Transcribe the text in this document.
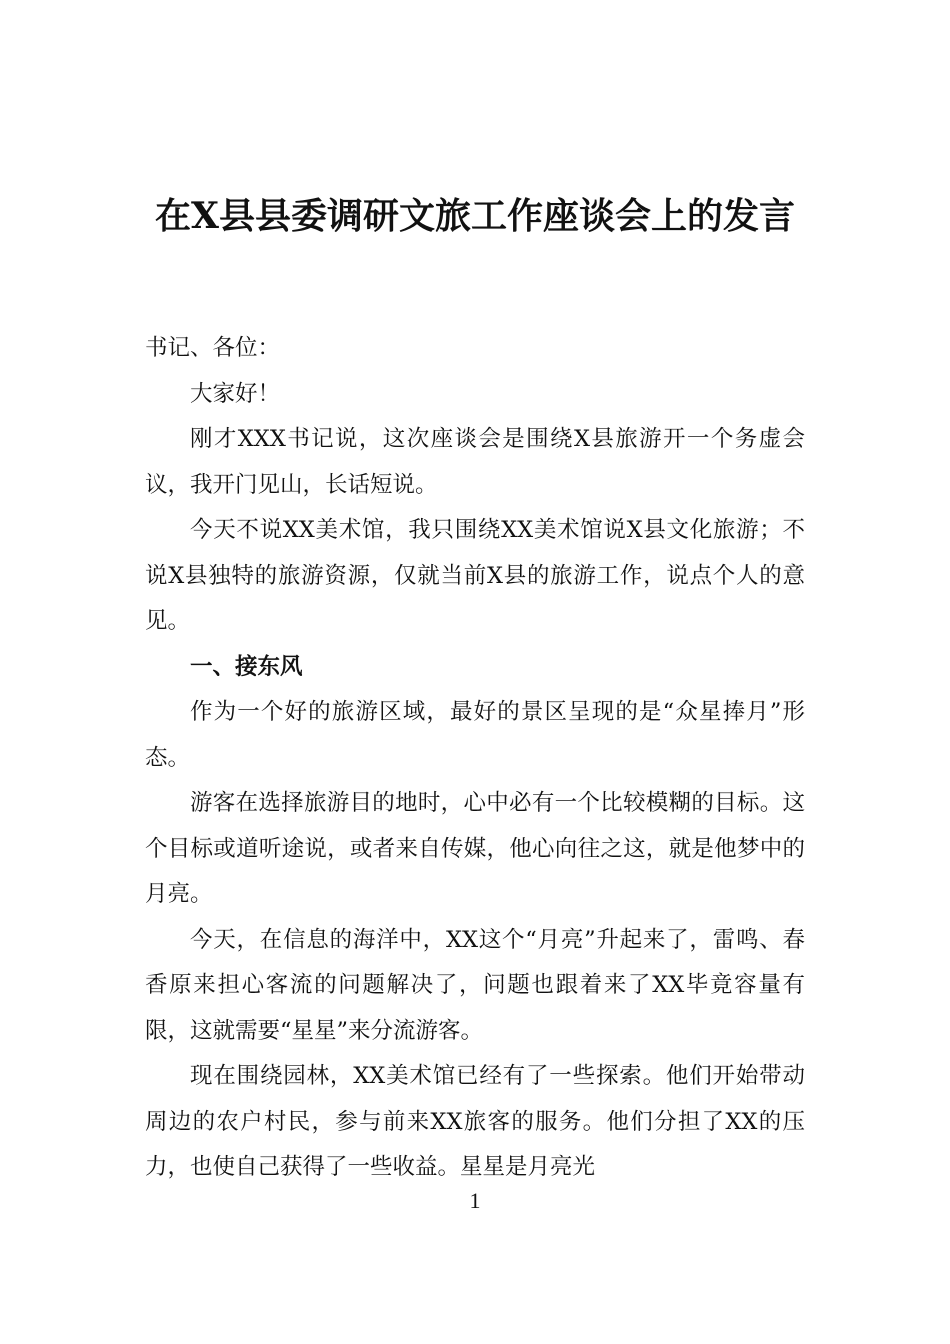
在X县县委调研文旅工作座谈会上的发言

书记、各位：

大家好！

刚才XXX书记说，这次座谈会是围绕X县旅游开一个务虚会议，我开门见山，长话短说。

今天不说XX美术馆，我只围绕XX美术馆说X县文化旅游；不说X县独特的旅游资源，仅就当前X县的旅游工作，说点个人的意见。

一、接东风

作为一个好的旅游区域，最好的景区呈现的是“众星捧月”形态。

游客在选择旅游目的地时，心中必有一个比较模糊的目标。这个目标或道听途说，或者来自传媒，他心向往之这，就是他梦中的月亮。

今天，在信息的海洋中，XX这个“月亮”升起来了，雷鸣、春香原来担心客流的问题解决了，问题也跟着来了XX毕竟容量有限，这就需要“星星”来分流游客。

现在围绕园林，XX美术馆已经有了一些探索。他们开始带动周边的农户村民，参与前来XX旅客的服务。他们分担了XX的压力，也使自己获得了一些收益。星星是月亮光

1
